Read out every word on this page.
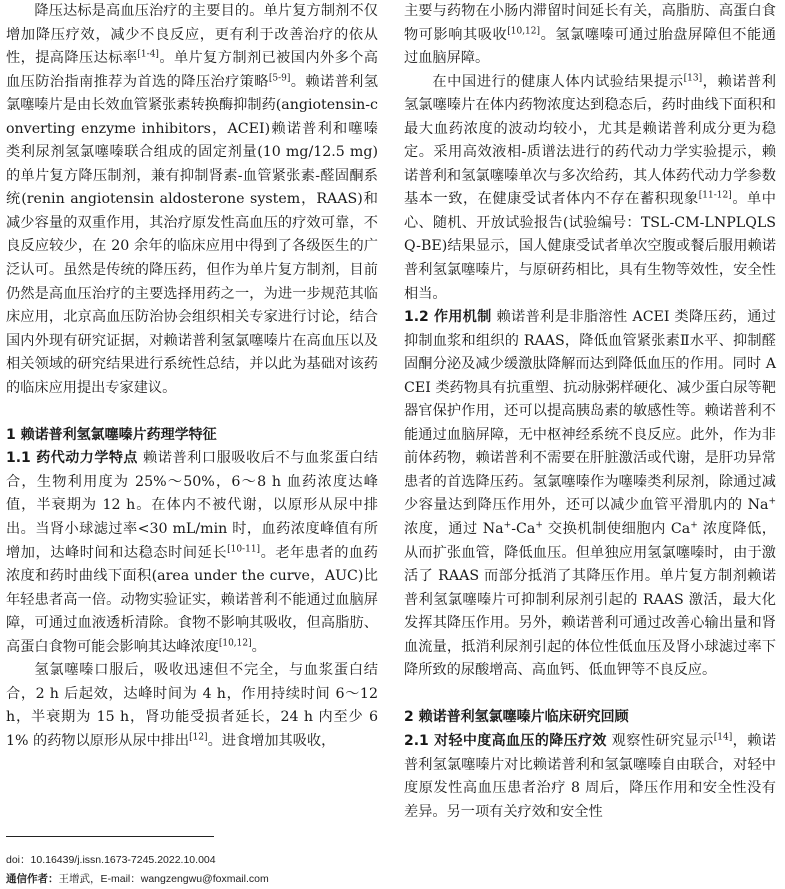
降压达标是高血压治疗的主要目的。单片复方制剂不仅增加降压疗效，减少不良反应，更有利于改善治疗的依从性，提高降压达标率[1-4]。单片复方制剂已被国内外多个高血压防治指南推荐为首选的降压治疗策略[5-9]。赖诺普利氢氯噻嗪片是由长效血管紧张素转换酶抑制药(angiotensin-converting enzyme inhibitors，ACEI)赖诺普利和噻嗪类利尿剂氢氯噻嗪联合组成的固定剂量(10 mg/12.5 mg)的单片复方降压制剂，兼有抑制肾素-血管紧张素-醛固酮系统(renin angiotensin aldosterone system，RAAS)和减少容量的双重作用，其治疗原发性高血压的疗效可靠，不良反应较少，在 20 余年的临床应用中得到了各级医生的广泛认可。虽然是传统的降压药，但作为单片复方制剂，目前仍然是高血压治疗的主要选择用药之一，为进一步规范其临床应用，北京高血压防治协会组织相关专家进行讨论，结合国内外现有研究证据，对赖诺普利氢氯噻嗪片在高血压以及相关领域的研究结果进行系统性总结，并以此为基础对该药的临床应用提出专家建议。

1 赖诺普利氢氯噻嗪片药理学特征

1.1 药代动力学特点 赖诺普利口服吸收后不与血浆蛋白结合，生物利用度为 25%～50%，6～8 h 血药浓度达峰值，半衰期为 12 h。在体内不被代谢，以原形从尿中排出。当肾小球滤过率<30 mL/min 时，血药浓度峰值有所增加，达峰时间和达稳态时间延长[10-11]。老年患者的血药浓度和药时曲线下面积(area under the curve，AUC)比年轻患者高一倍。动物实验证实，赖诺普利不能通过血脑屏障，可通过血液透析清除。食物不影响其吸收，但高脂肪、高蛋白食物可能会影响其达峰浓度[10,12]。

氢氯噻嗪口服后，吸收迅速但不完全，与血浆蛋白结合，2 h 后起效，达峰时间为 4 h，作用持续时间 6～12 h，半衰期为 15 h，肾功能受损者延长，24 h 内至少 61% 的药物以原形从尿中排出[12]。进食增加其吸收，

doi：10.16439/j.issn.1673-7245.2022.10.004
通信作者：王增武，E-mail：wangzengwu@foxmail.com

主要与药物在小肠内滞留时间延长有关，高脂肪、高蛋白食物可影响其吸收[10,12]。氢氯噻嗪可通过胎盘屏障但不能通过血脑屏障。

在中国进行的健康人体内试验结果提示[13]，赖诺普利氢氯噻嗪片在体内药物浓度达到稳态后，药时曲线下面积和最大血药浓度的波动均较小，尤其是赖诺普利成分更为稳定。采用高效液相-质谱法进行的药代动力学实验提示，赖诺普利和氢氯噻嗪单次与多次给药，其人体药代动力学参数基本一致，在健康受试者体内不存在蓄积现象[11-12]。单中心、随机、开放试验报告(试验编号：TSL-CM-LNPLQLSQ-BE)结果显示，国人健康受试者单次空腹或餐后服用赖诺普利氢氯噻嗪片，与原研药相比，具有生物等效性，安全性相当。

1.2 作用机制 赖诺普利是非脂溶性 ACEI 类降压药，通过抑制血浆和组织的 RAAS，降低血管紧张素Ⅱ水平、抑制醛固酮分泌及减少缓激肽降解而达到降低血压的作用。同时 ACEI 类药物具有抗重塑、抗动脉粥样硬化、减少蛋白尿等靶器官保护作用，还可以提高胰岛素的敏感性等。赖诺普利不能通过血脑屏障，无中枢神经系统不良反应。此外，作为非前体药物，赖诺普利不需要在肝脏激活或代谢，是肝功异常患者的首选降压药。氢氯噻嗪作为噻嗪类利尿剂，除通过减少容量达到降压作用外，还可以减少血管平滑肌内的 Na+ 浓度，通过 Na+-Ca+ 交换机制使细胞内 Ca+ 浓度降低，从而扩张血管，降低血压。但单独应用氢氯噻嗪时，由于激活了 RAAS 而部分抵消了其降压作用。单片复方制剂赖诺普利氢氯噻嗪片可抑制利尿剂引起的 RAAS 激活，最大化发挥其降压作用。另外，赖诺普利可通过改善心输出量和肾血流量，抵消利尿剂引起的体位性低血压及肾小球滤过率下降所致的尿酸增高、高血钙、低血钾等不良反应。

2 赖诺普利氢氯噻嗪片临床研究回顾

2.1 对轻中度高血压的降压疗效 观察性研究显示[14]，赖诺普利氢氯噻嗪片对比赖诺普利和氢氯噻嗪自由联合，对轻中度原发性高血压患者治疗 8 周后，降压作用和安全性没有差异。另一项有关疗效和安全性
